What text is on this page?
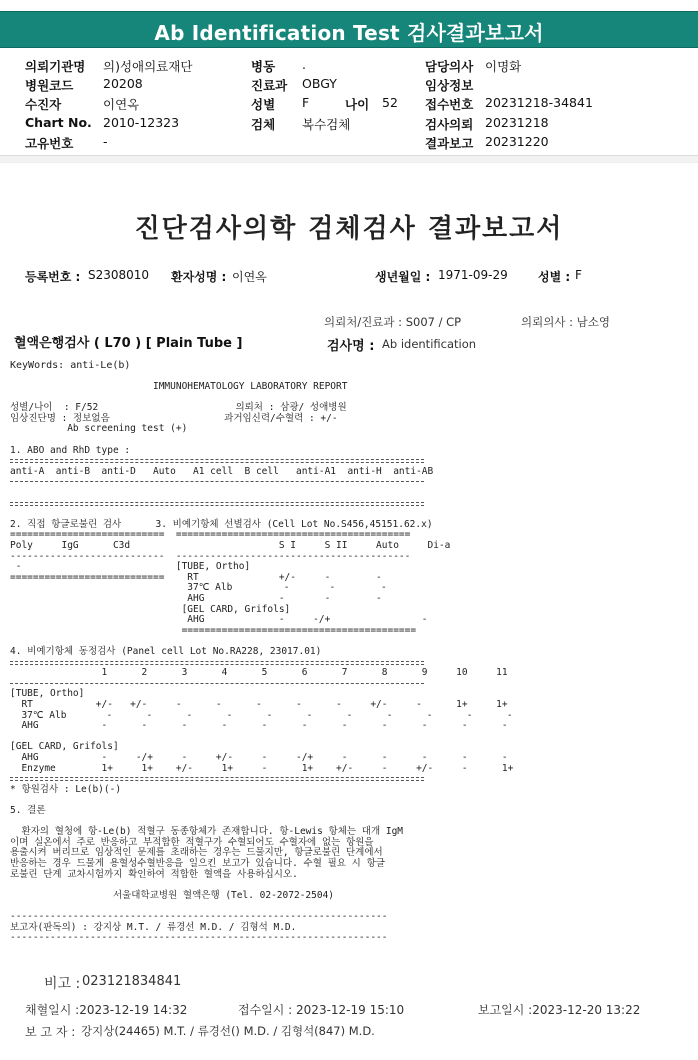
Ab Identification Test 검사결과보고서
의뢰기관명 의)성애의료재단
병원코드 20208
수진자	이연옥
Chart No. 2010-12323
고유번호 -
병동 .
진료과 OBGY
성별 F	나이 52
검체 복수검체
담당의사 이명화
임상정보
접수번호 20231218-34841
검사의뢰 20231218
결과보고 20231220
진단검사의학 검체검사 결과보고서
등록번호 : S2308010 환자성명 : 이연옥	생년월일 : 1971-09-29	성별 : F
의뢰처/진료과 : S007 / CP	의뢰의사 : 남소영
혈액은행검사 ( L70 ) [ Plain Tube ]	검사명 : Ab identification
KeyWords: anti-Le(b)
IMMUNOHEMATOLOGY LABORATORY REPORT
성별/나이  : F/52                        의뢰처 : 삼광/ 성애병원
임상진단명 : 정보없음                    과거임신력/수혈력 : +/-
Ab screening test (+)
1. ABO and RhD type :
anti-A  anti-B  anti-D   Auto   A1 cell  B cell   anti-A1  anti-H  anti-AB
2. 직접 항글로불린 검사      3. 비예기항체 선별검사 (Cell Lot No.S456,45151.62.x)
===========================  =========================================
Poly     IgG      C3d                          S I     S II     Auto     Di-a
---------------------------  -----------------------------------------
-                           [TUBE, Ortho]
===========================    RT              +/-     -        -
37℃ Alb         -       -        -
AHG             -       -        -
[GEL CARD, Grifols]
AHG             -     -/+                -
=========================================
4. 비예기항체 동정검사 (Panel cell Lot No.RA228, 23017.01)
1      2      3      4      5      6      7      8      9     10     11
[TUBE, Ortho]
RT           +/-   +/-     -      -      -      -      -     +/-     -      1+     1+
37℃ Alb       -      -      -      -      -      -      -      -      -      -      -
AHG           -      -      -      -      -      -      -      -      -      -      -
[GEL CARD, Grifols]
AHG           -     -/+     -     +/-     -     -/+     -      -      -      -      -
Enzyme        1+     1+    +/-     1+     -      1+    +/-     -     +/-     -      1+
* 항원검사 : Le(b)(-)
5. 결론
환자의 혈청에 항-Le(b) 적혈구 동종항체가 존재합니다. 항-Lewis 항체는 대개 IgM
이며 실온에서 주로 반응하고 부적합한 적혈구가 수혈되어도 수혈자에 없는 항원을
용출시켜 버리므로 임상적인 문제를 초래하는 경우는 드물지만, 항글로불린 단계에서
반응하는 경우 드물게 용혈성수혈반응을 일으킨 보고가 있습니다. 수혈 필요 시 항글
로불린 단계 교차시험까지 확인하여 적합한 혈액을 사용하십시오.
서울대학교병원 혈액은행 (Tel. 02-2072-2504)
------------------------------------------------------------------
보고자(판독의) : 강지상 M.T. / 류경선 M.D. / 김형석 M.D.
------------------------------------------------------------------
비고 : 023121834841
채혈일시 :2023-12-19 14:32	접수일시 : 2023-12-19 15:10	보고일시 :2023-12-20 13:22
보 고 자 : 강지상(24465) M.T. / 류경선() M.D. / 김형석(847) M.D.
